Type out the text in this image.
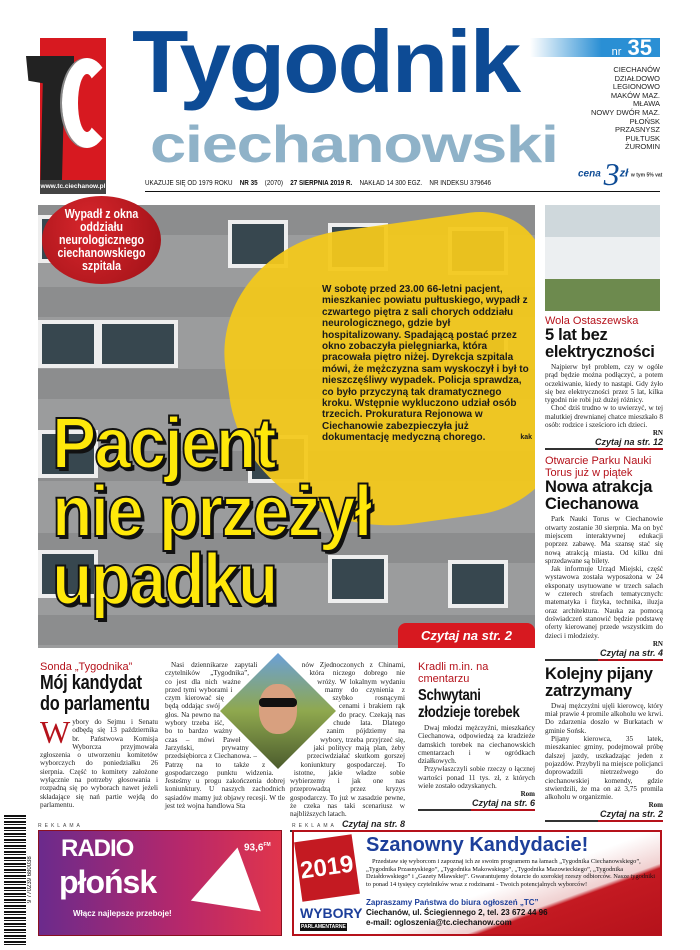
www.tc.ciechanow.pl
Tygodnik
ciechanowski
nr 35
CIECHANÓW
DZIAŁDOWO
LEGIONOWO
MAKÓW MAZ.
MŁAWA
NOWY DWÓR MAZ.
PŁOŃSK
PRZASNYSZ
PUŁTUSK
ŻUROMIN
UKAZUJE SIĘ OD 1979 ROKU NR 35 (2070) 27 SIERPNIA 2019 R. NAKŁAD 14 300 EGZ. NR INDEKSU 379646
cena 3zł w tym 5% vat
Wypadł z okna oddziału neurologicznego ciechanowskiego szpitala
W sobotę przed 23.00 66-letni pacjent, mieszkaniec powiatu pułtuskiego, wypadł z czwartego piętra z sali chorych oddziału neurologicznego, gdzie był hospitalizowany. Spadającą postać przez okno zobaczyła pielęgniarka, która pracowała piętro niżej. Dyrekcja szpitala mówi, że mężczyzna sam wyskoczył i był to nieszczęśliwy wypadek. Policja sprawdza, co było przyczyną tak dramatycznego kroku. Wstępnie wykluczono udział osób trzecich. Prokuratura Rejonowa w Ciechanowie zabezpieczyła już dokumentację medyczną chorego.	kak
Pacjent
nie przeżył
upadku
Czytaj na str. 2
Wola Ostaszewska
5 lat bez elektryczności

Najpierw był problem, czy w ogóle prąd będzie można podłączyć, a potem oczekiwanie, kiedy to nastąpi. Gdy żyło się bez elektryczności przez 5 lat, kilka tygodni nie robi już dużej różnicy.

Choć dziś trudno w to uwierzyć, w tej malutkiej drewnianej chatce mieszkało 8 osób: rodzice i sześcioro ich dzieci.

RN
Czytaj na str. 12
Otwarcie Parku Nauki Torus już w piątek
Nowa atrakcja Ciechanowa

Park Nauki Torus w Ciechanowie otwarty zostanie 30 sierpnia. Ma on być miejscem interaktywnej edukacji poprzez zabawę. Ma szansę stać się nową atrakcją miasta. Od kilku dni sprzedawane są bilety.

Jak informuje Urząd Miejski, część wystawowa została wyposażona w 24 eksponaty usytuowane w trzech salach w czterech strefach tematycznych: matematyka i fizyka, technika, iluzja oraz architektura. Nauka za pomocą doświadczeń stanowić będzie podstawę oferty kierowanej przede wszystkim do dzieci i młodzieży.

RN
Czytaj na str. 4
Kolejny pijany zatrzymany

Dwaj mężczyźni ujęli kierowcę, który miał prawie 4 promile alkoholu we krwi. Do zdarzenia doszło w Burkatach w gminie Sońsk.

Pijany kierowca, 35 latek, mieszkaniec gminy, podejmował próbę dalszej jazdy, uszkadzając jeden z pojazdów. Przybyli na miejsce policjanci doprowadzili nietrzeźwego do ciechanowskiej komendy, gdzie stwierdzili, że ma on aż 3,75 promila alkoholu w organizmie.

Rom
Czytaj na str. 2
Sonda „Tygodnika”
Mój kandydat do parlamentu
Wybory do Sejmu i Senatu odbędą się 13 października br. Państwowa Komisja Wyborcza przyjmowała zgłoszenia o utworzeniu komitetów wyborczych do poniedziałku 26 sierpnia. Część to komitety założone wyłącznie na potrzeby głosowania i rozpadną się po wyborach nawet jeżeli składające się nań partie wejdą do parlamentu.
Nasi dziennikarze zapytali czytelników „Tygodnika”, co jest dla nich ważne przed tymi wyborami i czym kierować się będą oddając swój głos. Na pewno na wybory trzeba iść, bo to bardzo ważny czas – mówi Paweł Jarzyński, prywatny przedsiębiorca z Ciechanowa. – Patrzę na to także z gospodarczego punktu widzenia. Jesteśmy u progu zakończenia dobrej koniunktury. U naszych zachodnich sąsiadów mamy już objawy recesji. W tle jest też wojna handlowa Sta
nów Zjednoczonych z Chinami, która niczego dobrego nie wróży. W lokalnym wydaniu mamy do czynienia z szybko rosnącymi cenami i brakiem rąk do pracy. Czekają nas chude lata. Dlatego zanim pójdziemy na wybory, trzeba przyjrzeć się, jaki politycy mają plan, żeby przeciwdziałać skutkom gorszej koniunktury gospodarczej. To istotne, jakie władze sobie wybierzemy i jak one nas przeprowadzą przez kryzys gospodarczy. To już w zasadzie pewne, że czeka nas taki scenariusz w najbliższych latach.
Czytaj na str. 8
Kradli m.in. na cmentarzu
Schwytani złodzieje torebek

Dwaj młodzi mężczyźni, mieszkańcy Ciechanowa, odpowiedzą za kradzieże damskich torebek na ciechanowskich cmentarzach i w ogródkach działkowych.

Przywłaszczyli sobie rzeczy o łącznej wartości ponad 11 tys. zł, z których wiele zostało odzyskanych.

Rom
Czytaj na str. 6
REKLAMA	REKLAMA
9 770239 680038
RADIO
płońsk
Włącz najlepsze przeboje!
$93,6^{FM}$
2019
WYBORY
PARLAMENTARNE
Szanowny Kandydacie!
Przedstaw się wyborcom i zapoznaj ich ze swoim programem na łamach „Tygodnika Ciechanowskiego”, „Tygodnika Przasnyskiego”, „Tygodnika Makowskiego”, „Tygodnika Mazowieckiego”, „Tygodnika Działdowskiego” i „Gazety Mławskiej”. Gwarantujemy dotarcie do szerokiej rzeszy odbiorców. Nasze tygodniki to ponad 14 tysięcy czytelników wraz z rodzinami - Twoich potencjalnych wyborców!
Zapraszamy Państwa do biura ogłoszeń „TC”
Ciechanów, ul. Ściegiennego 2, tel. 23 672 44 96
e-mail: ogloszenia@tc.ciechanow.com
